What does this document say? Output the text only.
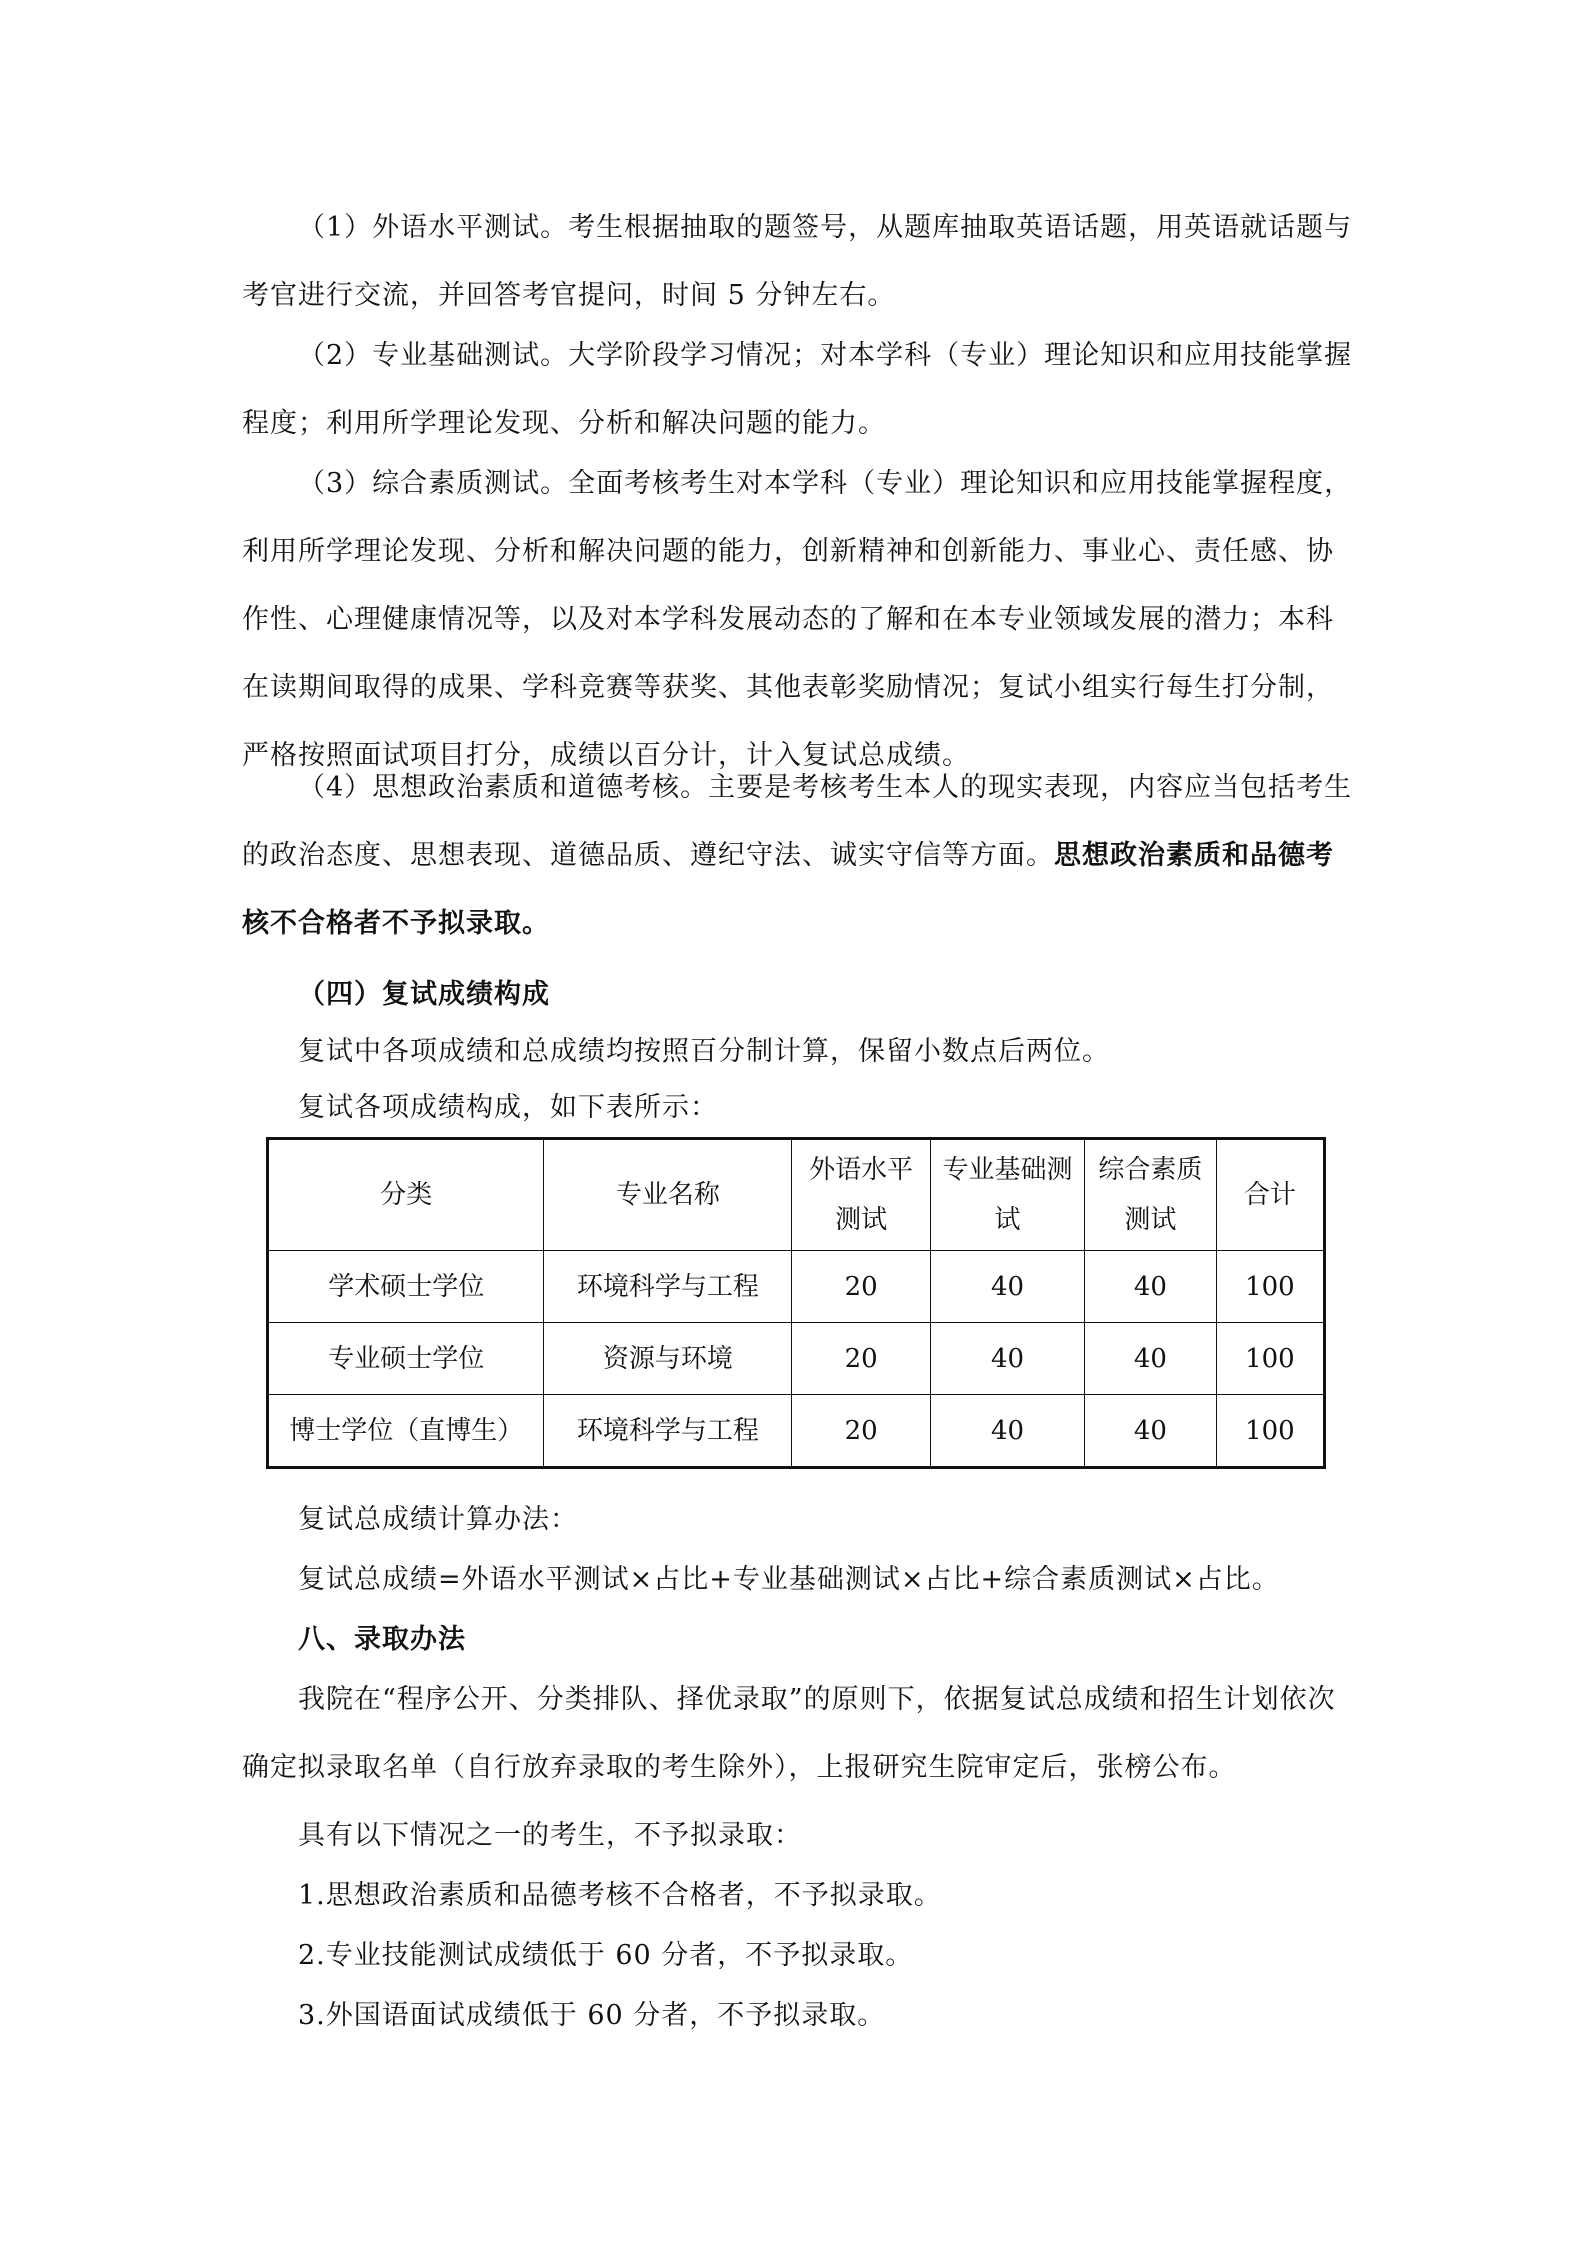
（1）外语水平测试。考生根据抽取的题签号，从题库抽取英语话题，用英语就话题与考官进行交流，并回答考官提问，时间 5 分钟左右。

（2）专业基础测试。大学阶段学习情况；对本学科（专业）理论知识和应用技能掌握程度；利用所学理论发现、分析和解决问题的能力。

（3）综合素质测试。全面考核考生对本学科（专业）理论知识和应用技能掌握程度，利用所学理论发现、分析和解决问题的能力，创新精神和创新能力、事业心、责任感、协作性、心理健康情况等，以及对本学科发展动态的了解和在本专业领域发展的潜力；本科在读期间取得的成果、学科竞赛等获奖、其他表彰奖励情况；复试小组实行每生打分制，严格按照面试项目打分，成绩以百分计，计入复试总成绩。

（4）思想政治素质和道德考核。主要是考核考生本人的现实表现，内容应当包括考生的政治态度、思想表现、道德品质、遵纪守法、诚实守信等方面。思想政治素质和品德考核不合格者不予拟录取。

（四）复试成绩构成
复试中各项成绩和总成绩均按照百分制计算，保留小数点后两位。
复试各项成绩构成，如下表所示：
分类	专业名称	外语水平测试	专业基础测试	综合素质测试	合计
学术硕士学位	环境科学与工程	20	40	40	100
专业硕士学位	资源与环境	20	40	40	100
博士学位（直博生）	环境科学与工程	20	40	40	100
复试总成绩计算办法：
复试总成绩=外语水平测试×占比+专业基础测试×占比+综合素质测试×占比。
八、录取办法

我院在“程序公开、分类排队、择优录取”的原则下，依据复试总成绩和招生计划依次确定拟录取名单（自行放弃录取的考生除外），上报研究生院审定后，张榜公布。

具有以下情况之一的考生，不予拟录取：
1.思想政治素质和品德考核不合格者，不予拟录取。
2.专业技能测试成绩低于 60 分者，不予拟录取。
3.外国语面试成绩低于 60 分者，不予拟录取。
